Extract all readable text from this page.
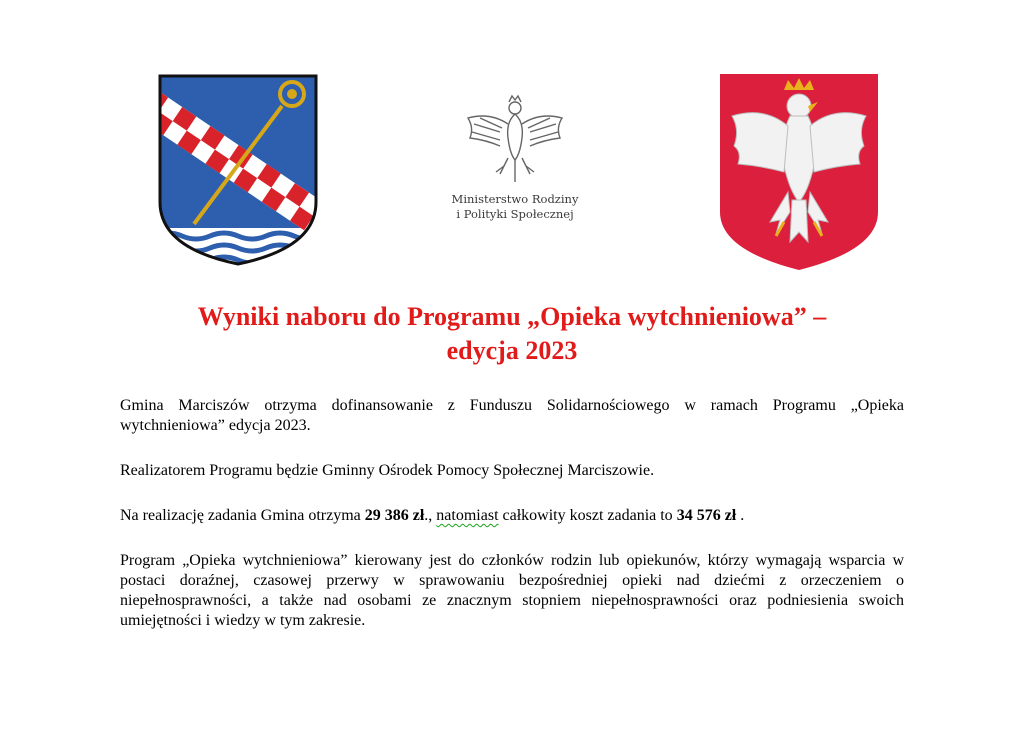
Ministerstwo Rodziny
i Polityki Społecznej
Wyniki naboru do Programu „Opieka wytchnieniowa” –
edycja 2023

Gmina Marciszów otrzyma dofinansowanie z Funduszu Solidarnościowego w ramach Programu „Opieka wytchnieniowa” edycja 2023.

Realizatorem Programu będzie Gminny Ośrodek Pomocy Społecznej Marciszowie.

Na realizację zadania Gmina otrzyma 29 386 zł., natomiast całkowity koszt zadania to 34 576 zł .

Program „Opieka wytchnieniowa” kierowany jest do członków rodzin lub opiekunów, którzy wymagają wsparcia w postaci doraźnej, czasowej przerwy w sprawowaniu bezpośredniej opieki nad dziećmi z orzeczeniem o niepełnosprawności, a także nad osobami ze znacznym stopniem niepełnosprawności oraz podniesienia swoich umiejętności i wiedzy w tym zakresie.
